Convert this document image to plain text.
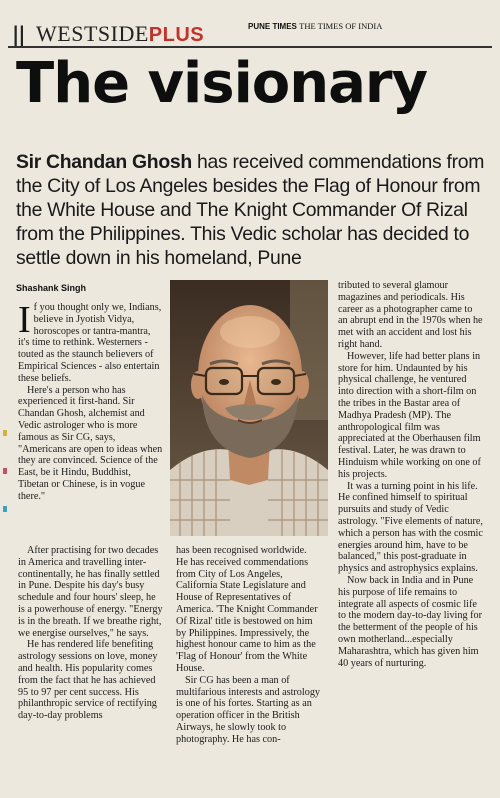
|| WESTSIDEPLUS	PUNE TIMES THE TIMES OF INDIA
The visionary

Sir Chandan Ghosh has received commendations from the City of Los Angeles besides the Flag of Honour from the White House and The Knight Commander Of Rizal from the Philippines. This Vedic scholar has decided to settle down in his homeland, Pune

Shashank Singh

If you thought only we, Indians, believe in Jyotish Vidya, horoscopes or tantra-mantra, it's time to rethink. Westerners - touted as the staunch believers of Empirical Sciences - also entertain these beliefs.

Here's a person who has experienced it first-hand. Sir Chandan Ghosh, alchemist and Vedic astrologer who is more famous as Sir CG, says, "Americans are open to ideas when they are convinced. Science of the East, be it Hindu, Buddhist, Tibetan or Chinese, is in vogue there."

After practising for two decades in America and travelling inter-continentally, he has finally settled in Pune. Despite his day's busy schedule and four hours' sleep, he is a powerhouse of energy. "Energy is in the breath. If we breathe right, we energise ourselves," he says.

He has rendered life benefiting astrology sessions on love, money and health. His popularity comes from the fact that he has achieved 95 to 97 per cent success. His philanthropic service of rectifying day-to-day problems

has been recognised worldwide. He has received commendations from City of Los Angeles, California State Legislature and House of Representatives of America. 'The Knight Commander Of Rizal' title is bestowed on him by Philippines. Impressively, the highest honour came to him as the 'Flag of Honour' from the White House.

Sir CG has been a man of multifarious interests and astrology is one of his fortes. Starting as an operation officer in the British Airways, he slowly took to photography. He has con-

tributed to several glamour magazines and periodicals. His career as a photographer came to an abrupt end in the 1970s when he met with an accident and lost his right hand.

However, life had better plans in store for him. Undaunted by his physical challenge, he ventured into direction with a short-film on the tribes in the Bastar area of Madhya Pradesh (MP). The anthropological film was appreciated at the Oberhausen film festival. Later, he was drawn to Hinduism while working on one of his projects.

It was a turning point in his life. He confined himself to spiritual pursuits and study of Vedic astrology. "Five elements of nature, which a person has with the cosmic energies around him, have to be balanced," this post-graduate in physics and astrophysics explains.

Now back in India and in Pune his purpose of life remains to integrate all aspects of cosmic life to the modern day-to-day living for the betterment of the people of his own motherland...especially Maharashtra, which has given him 40 years of nurturing.
